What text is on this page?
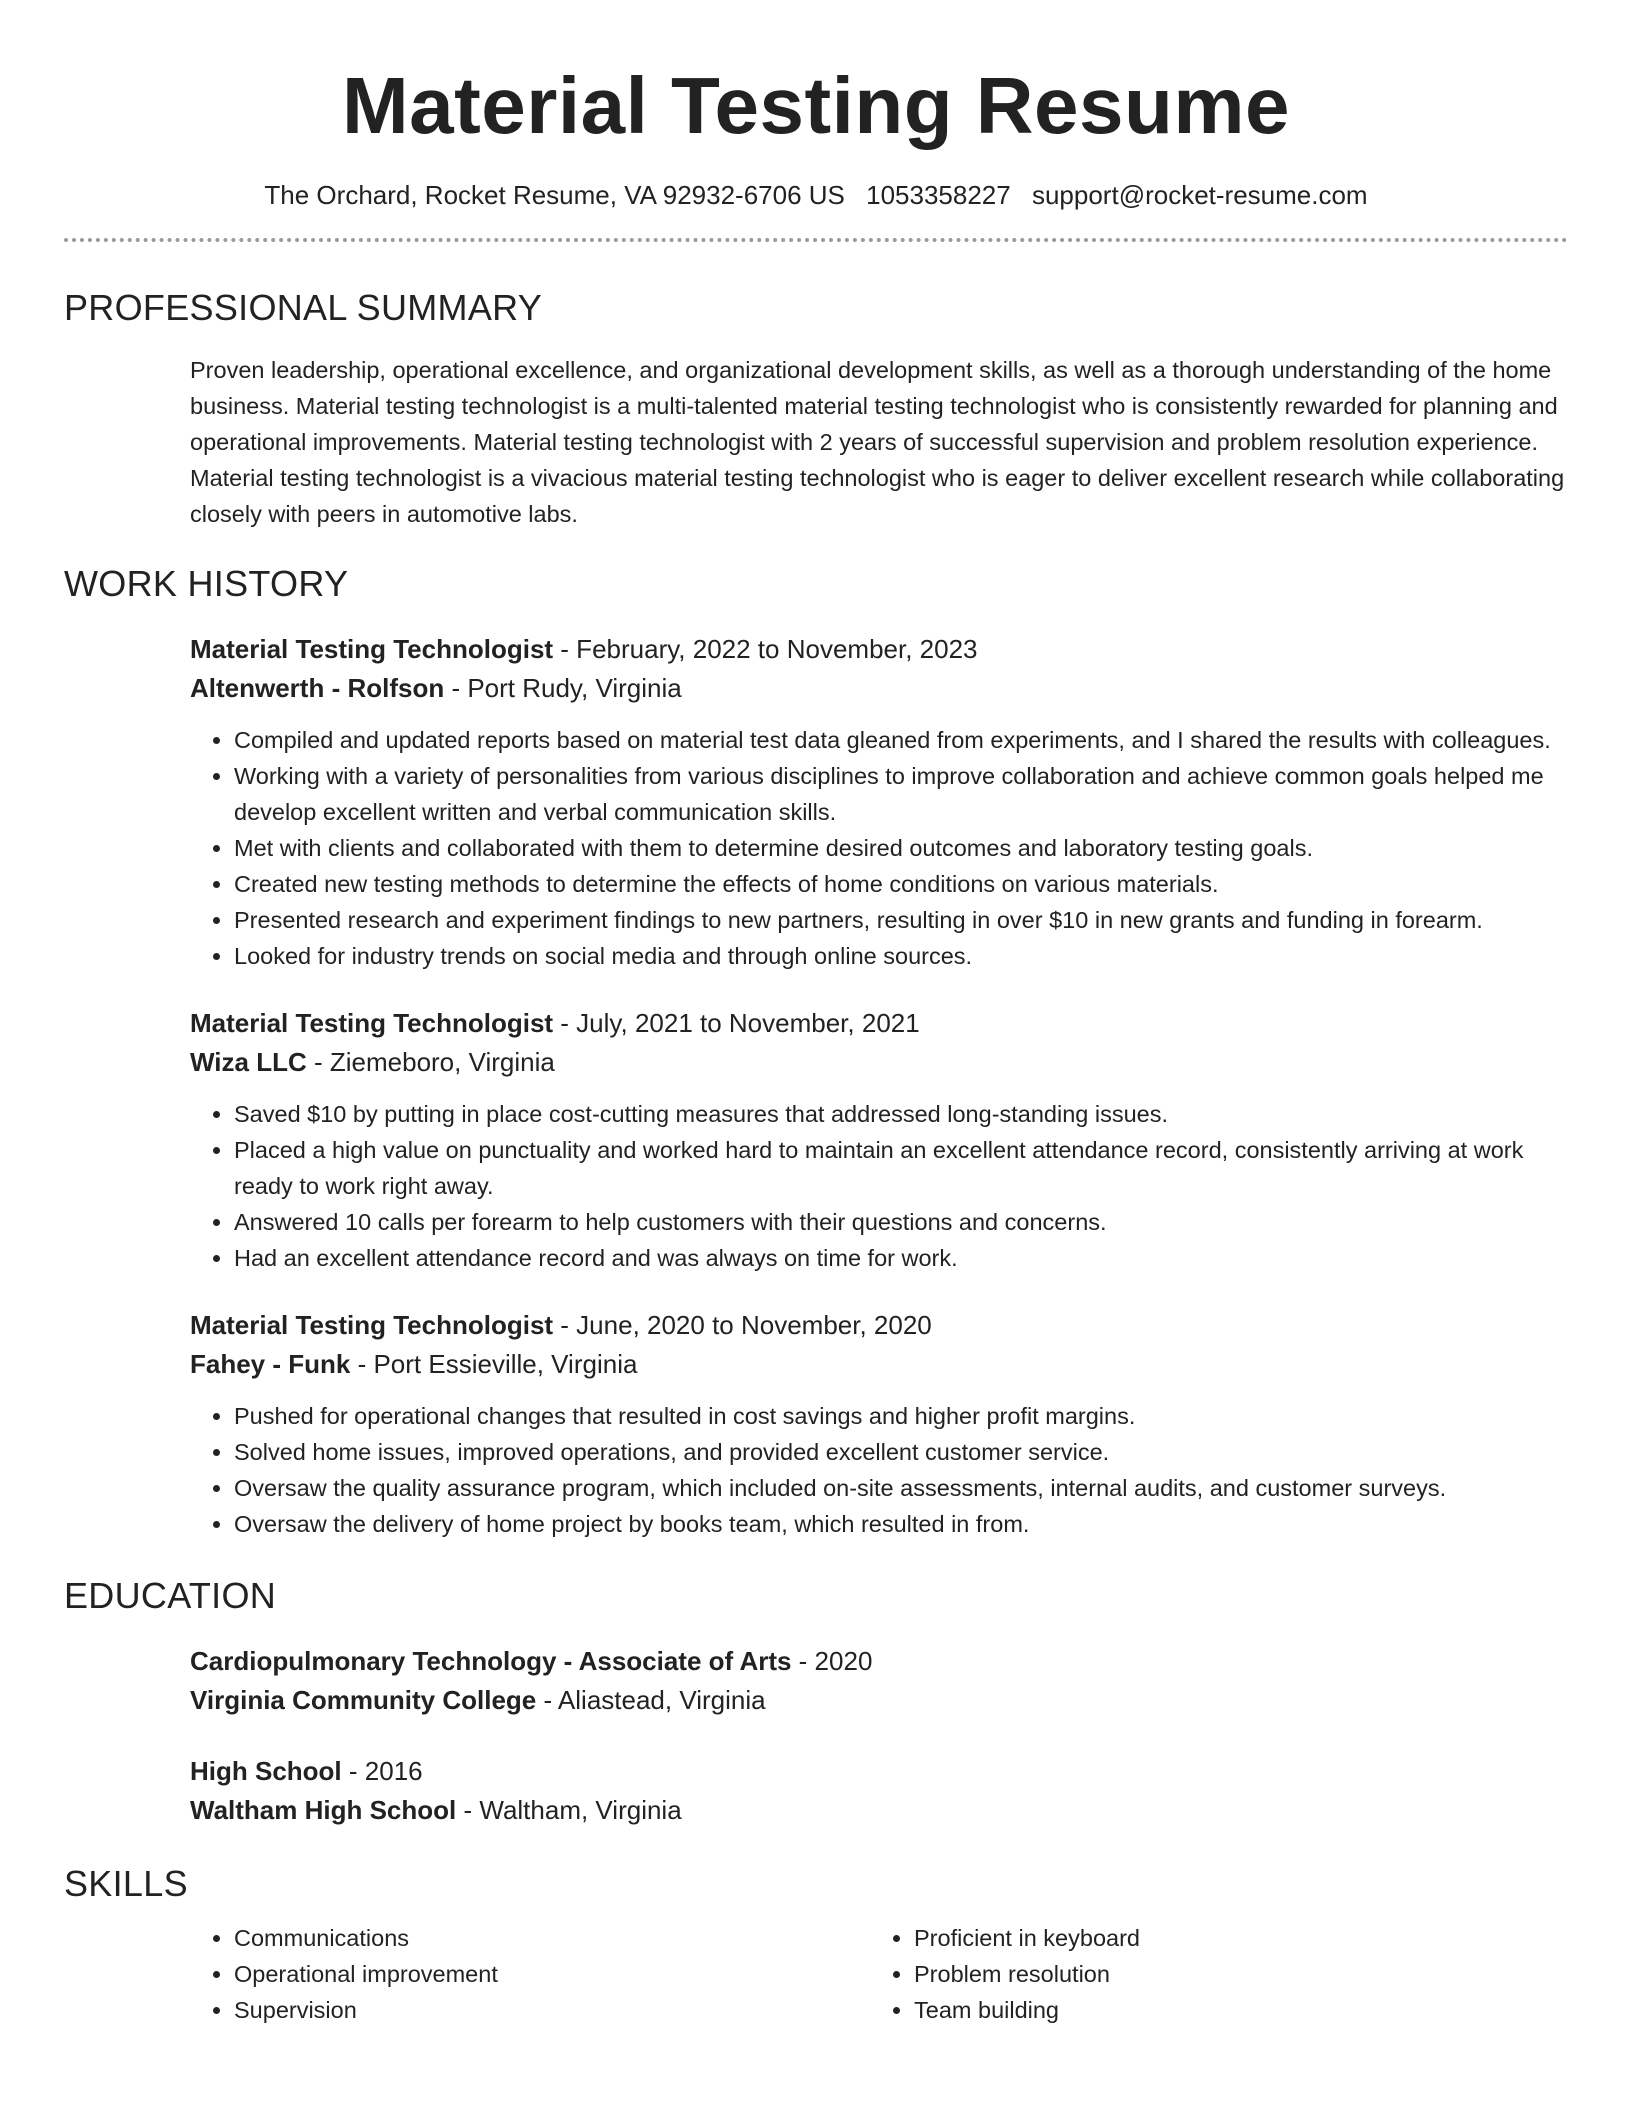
Material Testing Resume
The Orchard, Rocket Resume, VA 92932-6706 US 1053358227 support@rocket-resume.com
PROFESSIONAL SUMMARY
Proven leadership, operational excellence, and organizational development skills, as well as a thorough understanding of the home business. Material testing technologist is a multi-talented material testing technologist who is consistently rewarded for planning and operational improvements. Material testing technologist with 2 years of successful supervision and problem resolution experience. Material testing technologist is a vivacious material testing technologist who is eager to deliver excellent research while collaborating closely with peers in automotive labs.
WORK HISTORY
Material Testing Technologist - February, 2022 to November, 2023
Altenwerth - Rolfson - Port Rudy, Virginia
• Compiled and updated reports based on material test data gleaned from experiments, and I shared the results with colleagues.
• Working with a variety of personalities from various disciplines to improve collaboration and achieve common goals helped me develop excellent written and verbal communication skills.
• Met with clients and collaborated with them to determine desired outcomes and laboratory testing goals.
• Created new testing methods to determine the effects of home conditions on various materials.
• Presented research and experiment findings to new partners, resulting in over $10 in new grants and funding in forearm.
• Looked for industry trends on social media and through online sources.
Material Testing Technologist - July, 2021 to November, 2021
Wiza LLC - Ziemeboro, Virginia
• Saved $10 by putting in place cost-cutting measures that addressed long-standing issues.
• Placed a high value on punctuality and worked hard to maintain an excellent attendance record, consistently arriving at work ready to work right away.
• Answered 10 calls per forearm to help customers with their questions and concerns.
• Had an excellent attendance record and was always on time for work.
Material Testing Technologist - June, 2020 to November, 2020
Fahey - Funk - Port Essieville, Virginia
• Pushed for operational changes that resulted in cost savings and higher profit margins.
• Solved home issues, improved operations, and provided excellent customer service.
• Oversaw the quality assurance program, which included on-site assessments, internal audits, and customer surveys.
• Oversaw the delivery of home project by books team, which resulted in from.
EDUCATION
Cardiopulmonary Technology - Associate of Arts - 2020
Virginia Community College - Aliastead, Virginia
High School - 2016
Waltham High School - Waltham, Virginia
SKILLS
• Communications
• Operational improvement
• Supervision
• Proficient in keyboard
• Problem resolution
• Team building
